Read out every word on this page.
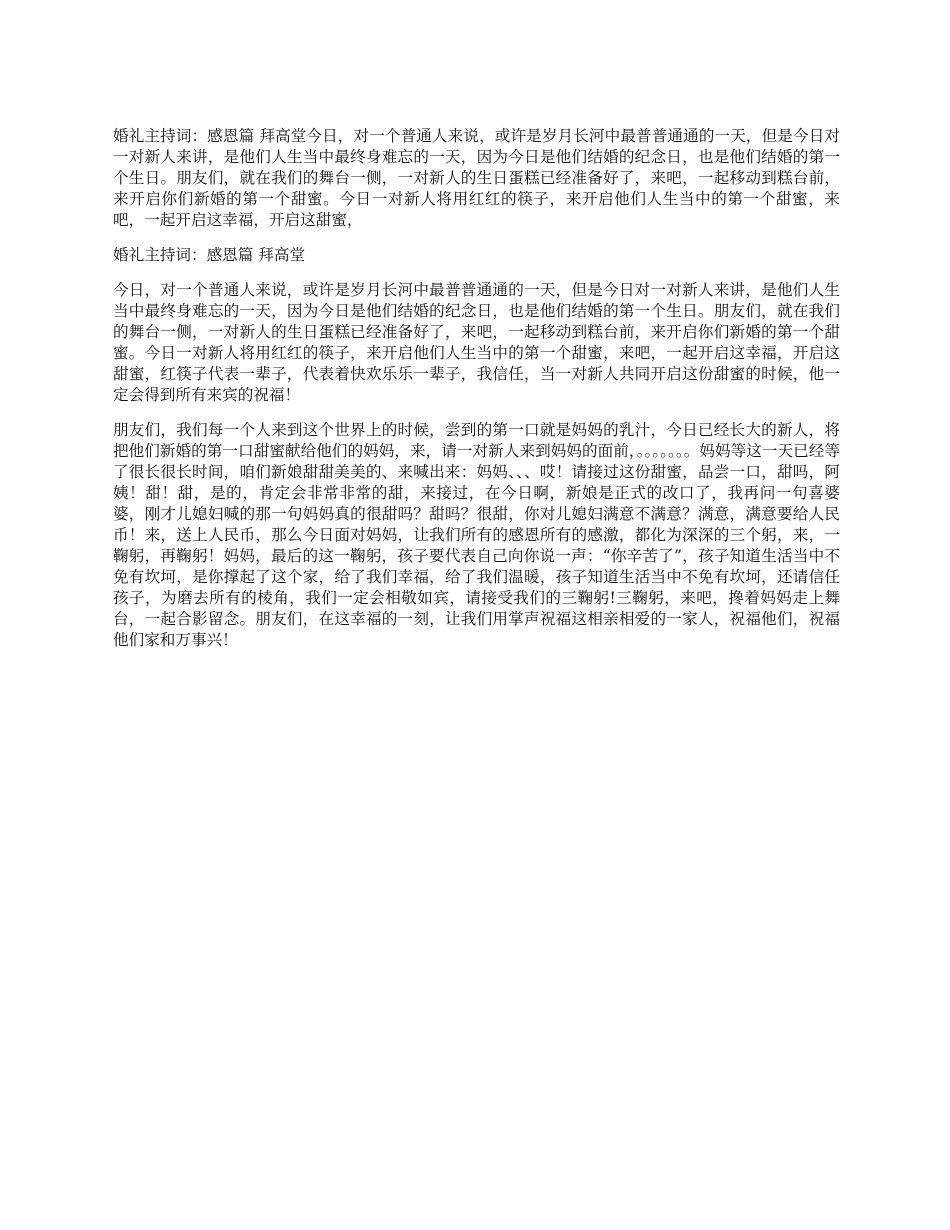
婚礼主持词：感恩篇 拜高堂今日，对一个普通人来说，或许是岁月长河中最普普通通的一天，但是今日对一对新人来讲，是他们人生当中最终身难忘的一天，因为今日是他们结婚的纪念日，也是他们结婚的第一个生日。朋友们，就在我们的舞台一侧，一对新人的生日蛋糕已经准备好了，来吧，一起移动到糕台前，来开启你们新婚的第一个甜蜜。今日一对新人将用红红的筷子，来开启他们人生当中的第一个甜蜜，来吧，一起开启这幸福，开启这甜蜜，

婚礼主持词：感恩篇 拜高堂

今日，对一个普通人来说，或许是岁月长河中最普普通通的一天，但是今日对一对新人来讲，是他们人生当中最终身难忘的一天，因为今日是他们结婚的纪念日，也是他们结婚的第一个生日。朋友们，就在我们的舞台一侧，一对新人的生日蛋糕已经准备好了，来吧，一起移动到糕台前，来开启你们新婚的第一个甜蜜。今日一对新人将用红红的筷子，来开启他们人生当中的第一个甜蜜，来吧，一起开启这幸福，开启这甜蜜，红筷子代表一辈子，代表着快欢乐乐一辈子，我信任，当一对新人共同开启这份甜蜜的时候，他一定会得到所有来宾的祝福！

朋友们，我们每一个人来到这个世界上的时候，尝到的第一口就是妈妈的乳汁，今日已经长大的新人，将把他们新婚的第一口甜蜜献给他们的妈妈，来，请一对新人来到妈妈的面前，。。。。。。。妈妈等这一天已经等了很长很长时间，咱们新娘甜甜美美的、来喊出来：妈妈、、、哎！请接过这份甜蜜，品尝一口，甜吗，阿姨！甜！甜，是的，肯定会非常非常的甜，来接过，在今日啊，新娘是正式的改口了，我再问一句喜婆婆，刚才儿媳妇喊的那一句妈妈真的很甜吗？甜吗？很甜，你对儿媳妇满意不满意？满意，满意要给人民币！来，送上人民币，那么今日面对妈妈，让我们所有的感恩所有的感激，都化为深深的三个躬，来，一鞠躬，再鞠躬！妈妈，最后的这一鞠躬，孩子要代表自己向你说一声：“你辛苦了”，孩子知道生活当中不免有坎坷，是你撑起了这个家，给了我们幸福，给了我们温暖，孩子知道生活当中不免有坎坷，还请信任孩子，为磨去所有的棱角，我们一定会相敬如宾，请接受我们的三鞠躬!三鞠躬，来吧，搀着妈妈走上舞台，一起合影留念。朋友们，在这幸福的一刻，让我们用掌声祝福这相亲相爱的一家人，祝福他们，祝福他们家和万事兴！
